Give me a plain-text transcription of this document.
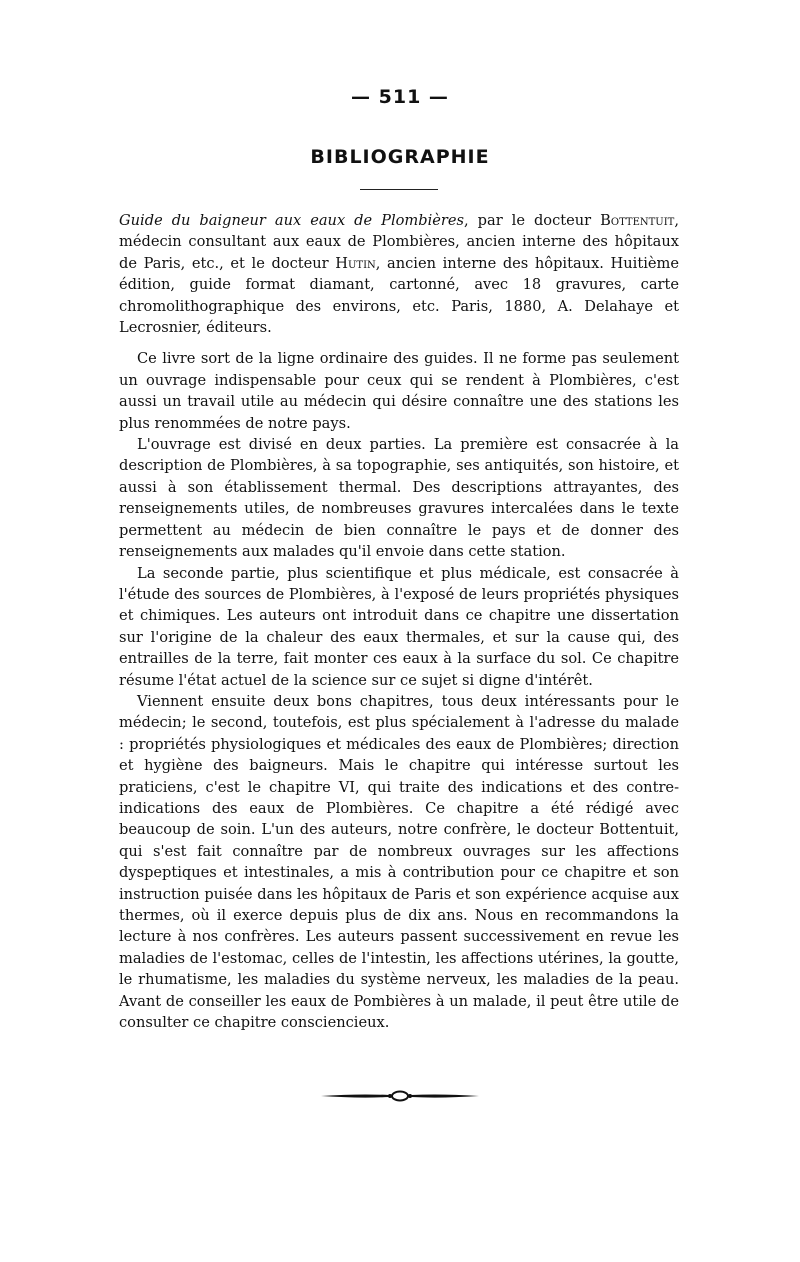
— 511 —
BIBLIOGRAPHIE

Guide du baigneur aux eaux de Plombières, par le docteur Bottentuit, médecin consultant aux eaux de Plombières, ancien interne des hôpitaux de Paris, etc., et le docteur Hutin, ancien interne des hôpitaux. Huitième édition, guide format diamant, cartonné, avec 18 gravures, carte chromolithographique des environs, etc. Paris, 1880, A. Delahaye et Lecrosnier, éditeurs.

Ce livre sort de la ligne ordinaire des guides. Il ne forme pas seulement un ouvrage indispensable pour ceux qui se rendent à Plombières, c'est aussi un travail utile au médecin qui désire connaître une des stations les plus renommées de notre pays.

L'ouvrage est divisé en deux parties. La première est consacrée à la description de Plombières, à sa topographie, ses antiquités, son histoire, et aussi à son établissement thermal. Des descriptions attrayantes, des renseignements utiles, de nombreuses gravures intercalées dans le texte permettent au médecin de bien connaître le pays et de donner des renseignements aux malades qu'il envoie dans cette station.

La seconde partie, plus scientifique et plus médicale, est consacrée à l'étude des sources de Plombières, à l'exposé de leurs propriétés physiques et chimiques. Les auteurs ont introduit dans ce chapitre une dissertation sur l'origine de la chaleur des eaux thermales, et sur la cause qui, des entrailles de la terre, fait monter ces eaux à la surface du sol. Ce chapitre résume l'état actuel de la science sur ce sujet si digne d'intérêt.

Viennent ensuite deux bons chapitres, tous deux intéressants pour le médecin; le second, toutefois, est plus spécialement à l'adresse du malade : propriétés physiologiques et médicales des eaux de Plombières; direction et hygiène des baigneurs. Mais le chapitre qui intéresse surtout les praticiens, c'est le chapitre VI, qui traite des indications et des contre-indications des eaux de Plombières. Ce chapitre a été rédigé avec beaucoup de soin. L'un des auteurs, notre confrère, le docteur Bottentuit, qui s'est fait connaître par de nombreux ouvrages sur les affections dyspeptiques et intestinales, a mis à contribution pour ce chapitre et son instruction puisée dans les hôpitaux de Paris et son expérience acquise aux thermes, où il exerce depuis plus de dix ans. Nous en recommandons la lecture à nos confrères. Les auteurs passent successivement en revue les maladies de l'estomac, celles de l'intestin, les affections utérines, la goutte, le rhumatisme, les maladies du système nerveux, les maladies de la peau. Avant de conseiller les eaux de Pombières à un malade, il peut être utile de consulter ce chapitre consciencieux.
